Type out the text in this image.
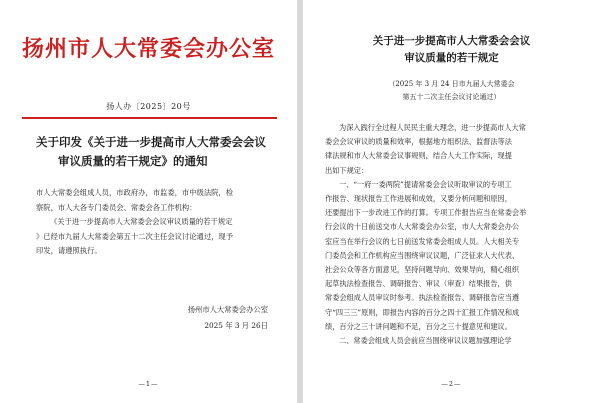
扬州市人大常委会办公室
扬人办〔2025〕20号
关于印发《关于进一步提高市人大常委会会议
审议质量的若干规定》的通知
市人大常委会组成人员，市政府办，市监委，市中级法院，检
察院，市人大各专门委员会、常委会各工作机构：
《关于进一步提高市人大常委会会议审议质量的若干规定
》已经市九届人大常委会第五十二次主任会议讨论通过，现予
印发，请遵照执行。
扬州市人大常委会办公室
2025 年 3 月 26日
—1—
关于进一步提高市人大常委会会议
审议质量的若干规定
（2025 年 3 月 24 日市九届人大常委会
第五十二次主任会议讨论通过）
为深入践行全过程人民民主重大理念，进一步提高市人大常
委会会议审议的质量和效率，根据地方组织法、监督法等法
律法规和市人大常委会议事规则，结合人大工作实际，现提
出如下规定：
一、“一府一委两院”提请常委会会议听取审议的专项工
作报告、现状报告工作进展和成效，又要分析问题和原因，
还要提出下一步改进工作的打算。专项工作报告应当在常委会举
行会议的十日前送交市人大常委会办公室，市人大常委会办公
室应当在举行会议的七日前送发常委会组成人员。人大相关专
门委员会和工作机构应当围绕审议议题，广泛征求人大代表、
社会公众等各方面意见，坚持问题导向、效果导向，精心组织
起草执法检查报告、调研报告、审议（审查）结果报告，供
常委会组成人员审议时参考。执法检查报告、调研报告应当遵
守“四三三”原则，即报告内容的百分之四十汇报工作情况和成
绩，百分之三十讲问题和不足，百分之三十提意见和建议。
二、常委会组成人员会前应当围绕审议议题加强理论学
—2—
